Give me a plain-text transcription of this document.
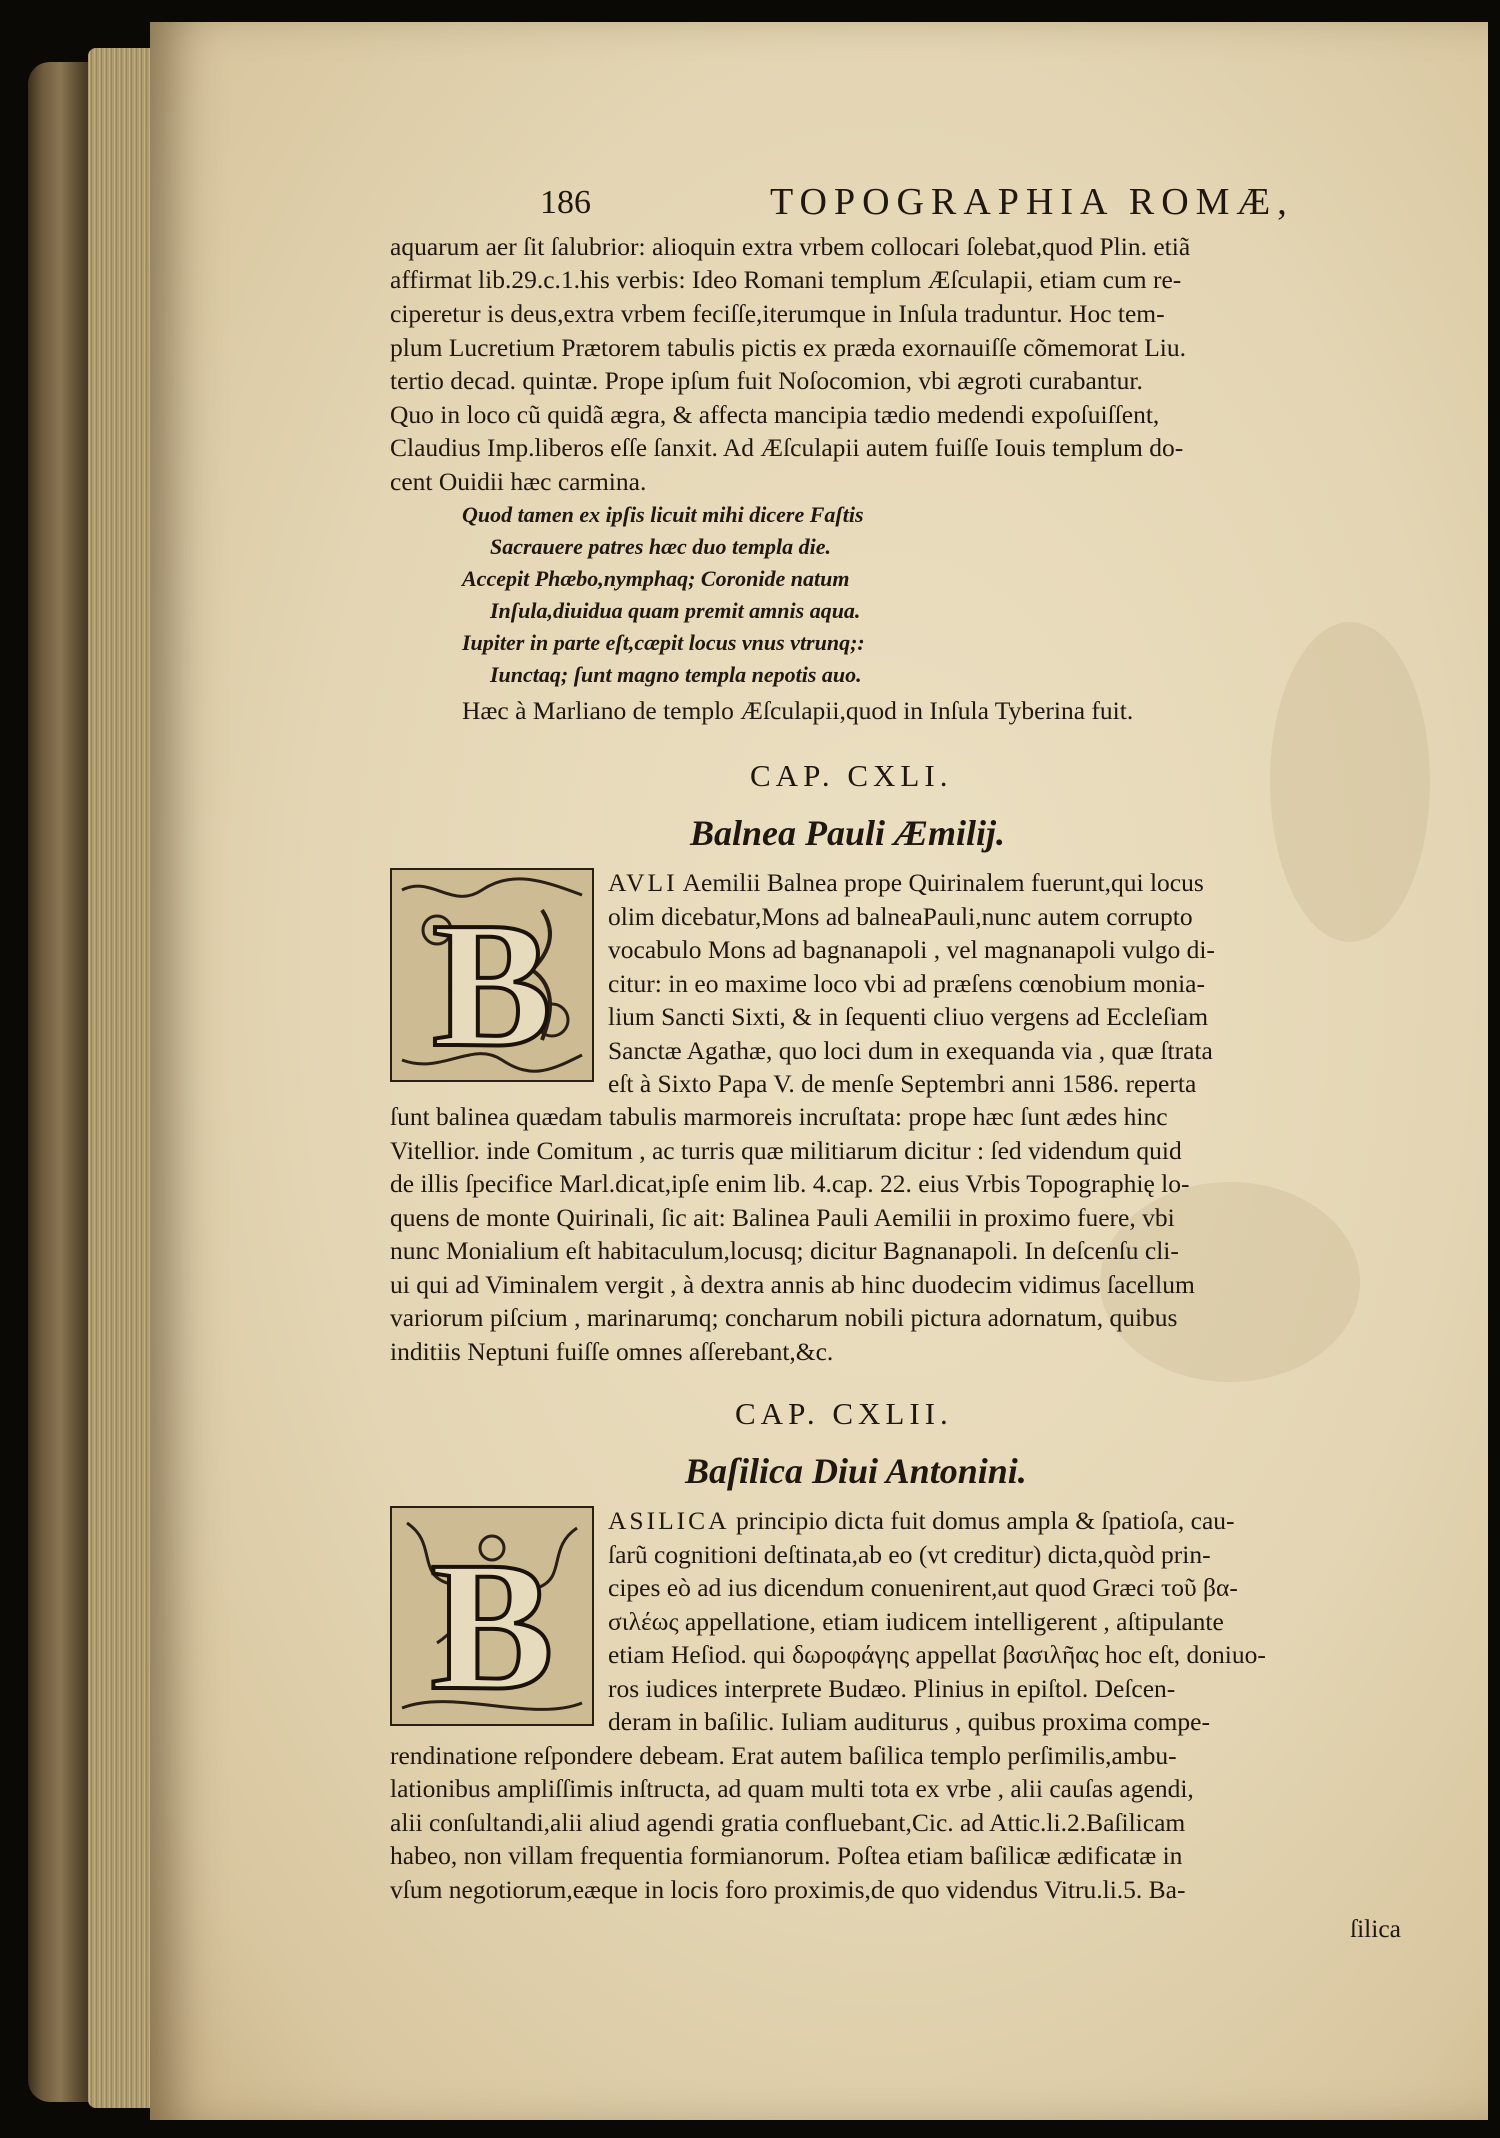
186	TOPOGRAPHIA ROMÆ,
aquarum aer ſit ſalubrior: alioquin extra vrbem collocari ſolebat,quod Plin. etiã
affirmat lib.29.c.1.his verbis: Ideo Romani templum Æſculapii, etiam cum re-
ciperetur is deus,extra vrbem feciſſe,iterumque in Inſula traduntur. Hoc tem-
plum Lucretium Prætorem tabulis pictis ex præda exornauiſſe cõmemorat Liu.
tertio decad. quintæ. Prope ipſum fuit Noſocomion, vbi ægroti curabantur.
Quo in loco cũ quidã ægra, & affecta mancipia tædio medendi expoſuiſſent,
Claudius Imp.liberos eſſe ſanxit. Ad Æſculapii autem fuiſſe Iouis templum do-
cent Ouidii hæc carmina.
Quod tamen ex ipſis licuit mihi dicere Faſtis
Sacrauere patres hæc duo templa die.
Accepit Phæbo,nymphaq; Coronide natum
Inſula,diuidua quam premit amnis aqua.
Iupiter in parte eſt,cæpit locus vnus vtrunq;:
Iunctaq; ſunt magno templa nepotis auo.
Hæc à Marliano de templo Æſculapii,quod in Inſula Tyberina fuit.
CAP. CXLI.
Balnea Pauli Æmilij.
B
AVLI Aemilii Balnea prope Quirinalem fuerunt,qui locus
olim dicebatur,Mons ad balneaPauli,nunc autem corrupto
vocabulo Mons ad bagnanapoli , vel magnanapoli vulgo di-
citur: in eo maxime loco vbi ad præſens cœnobium monia-
lium Sancti Sixti, & in ſequenti cliuo vergens ad Eccleſiam
Sanctæ Agathæ, quo loci dum in exequanda via , quæ ſtrata
eſt à Sixto Papa V. de menſe Septembri anni 1586. reperta
ſunt balinea quædam tabulis marmoreis incruſtata: prope hæc ſunt ædes hinc
Vitellior. inde Comitum , ac turris quæ militiarum dicitur : ſed videndum quid
de illis ſpecifice Marl.dicat,ipſe enim lib. 4.cap. 22. eius Vrbis Topographię lo-
quens de monte Quirinali, ſic ait: Balinea Pauli Aemilii in proximo fuere, vbi
nunc Monialium eſt habitaculum,locusq; dicitur Bagnanapoli. In deſcenſu cli-
ui qui ad Viminalem vergit , à dextra annis ab hinc duodecim vidimus ſacellum
variorum piſcium , marinarumq; concharum nobili pictura adornatum, quibus
inditiis Neptuni fuiſſe omnes aſſerebant,&c.
CAP. CXLII.
Baſilica Diui Antonini.
B
ASILICA principio dicta fuit domus ampla & ſpatioſa, cau-
ſarũ cognitioni deſtinata,ab eo (vt creditur) dicta,quòd prin-
cipes eò ad ius dicendum conuenirent,aut quod Græci τοῦ βα-
σιλέως appellatione, etiam iudicem intelligerent , aſtipulante
etiam Heſiod. qui δωροφάγης appellat βασιλῆας hoc eſt, doniuo-
ros iudices interprete Budæo. Plinius in epiſtol. Deſcen-
deram in baſilic. Iuliam auditurus , quibus proxima compe-
rendinatione reſpondere debeam. Erat autem baſilica templo perſimilis,ambu-
lationibus ampliſſimis inſtructa, ad quam multi tota ex vrbe , alii cauſas agendi,
alii conſultandi,alii aliud agendi gratia confluebant,Cic. ad Attic.li.2.Baſilicam
habeo, non villam frequentia formianorum. Poſtea etiam baſilicæ ædificatæ in
vſum negotiorum,eæque in locis foro proximis,de quo videndus Vitru.li.5. Ba-
ſilica
